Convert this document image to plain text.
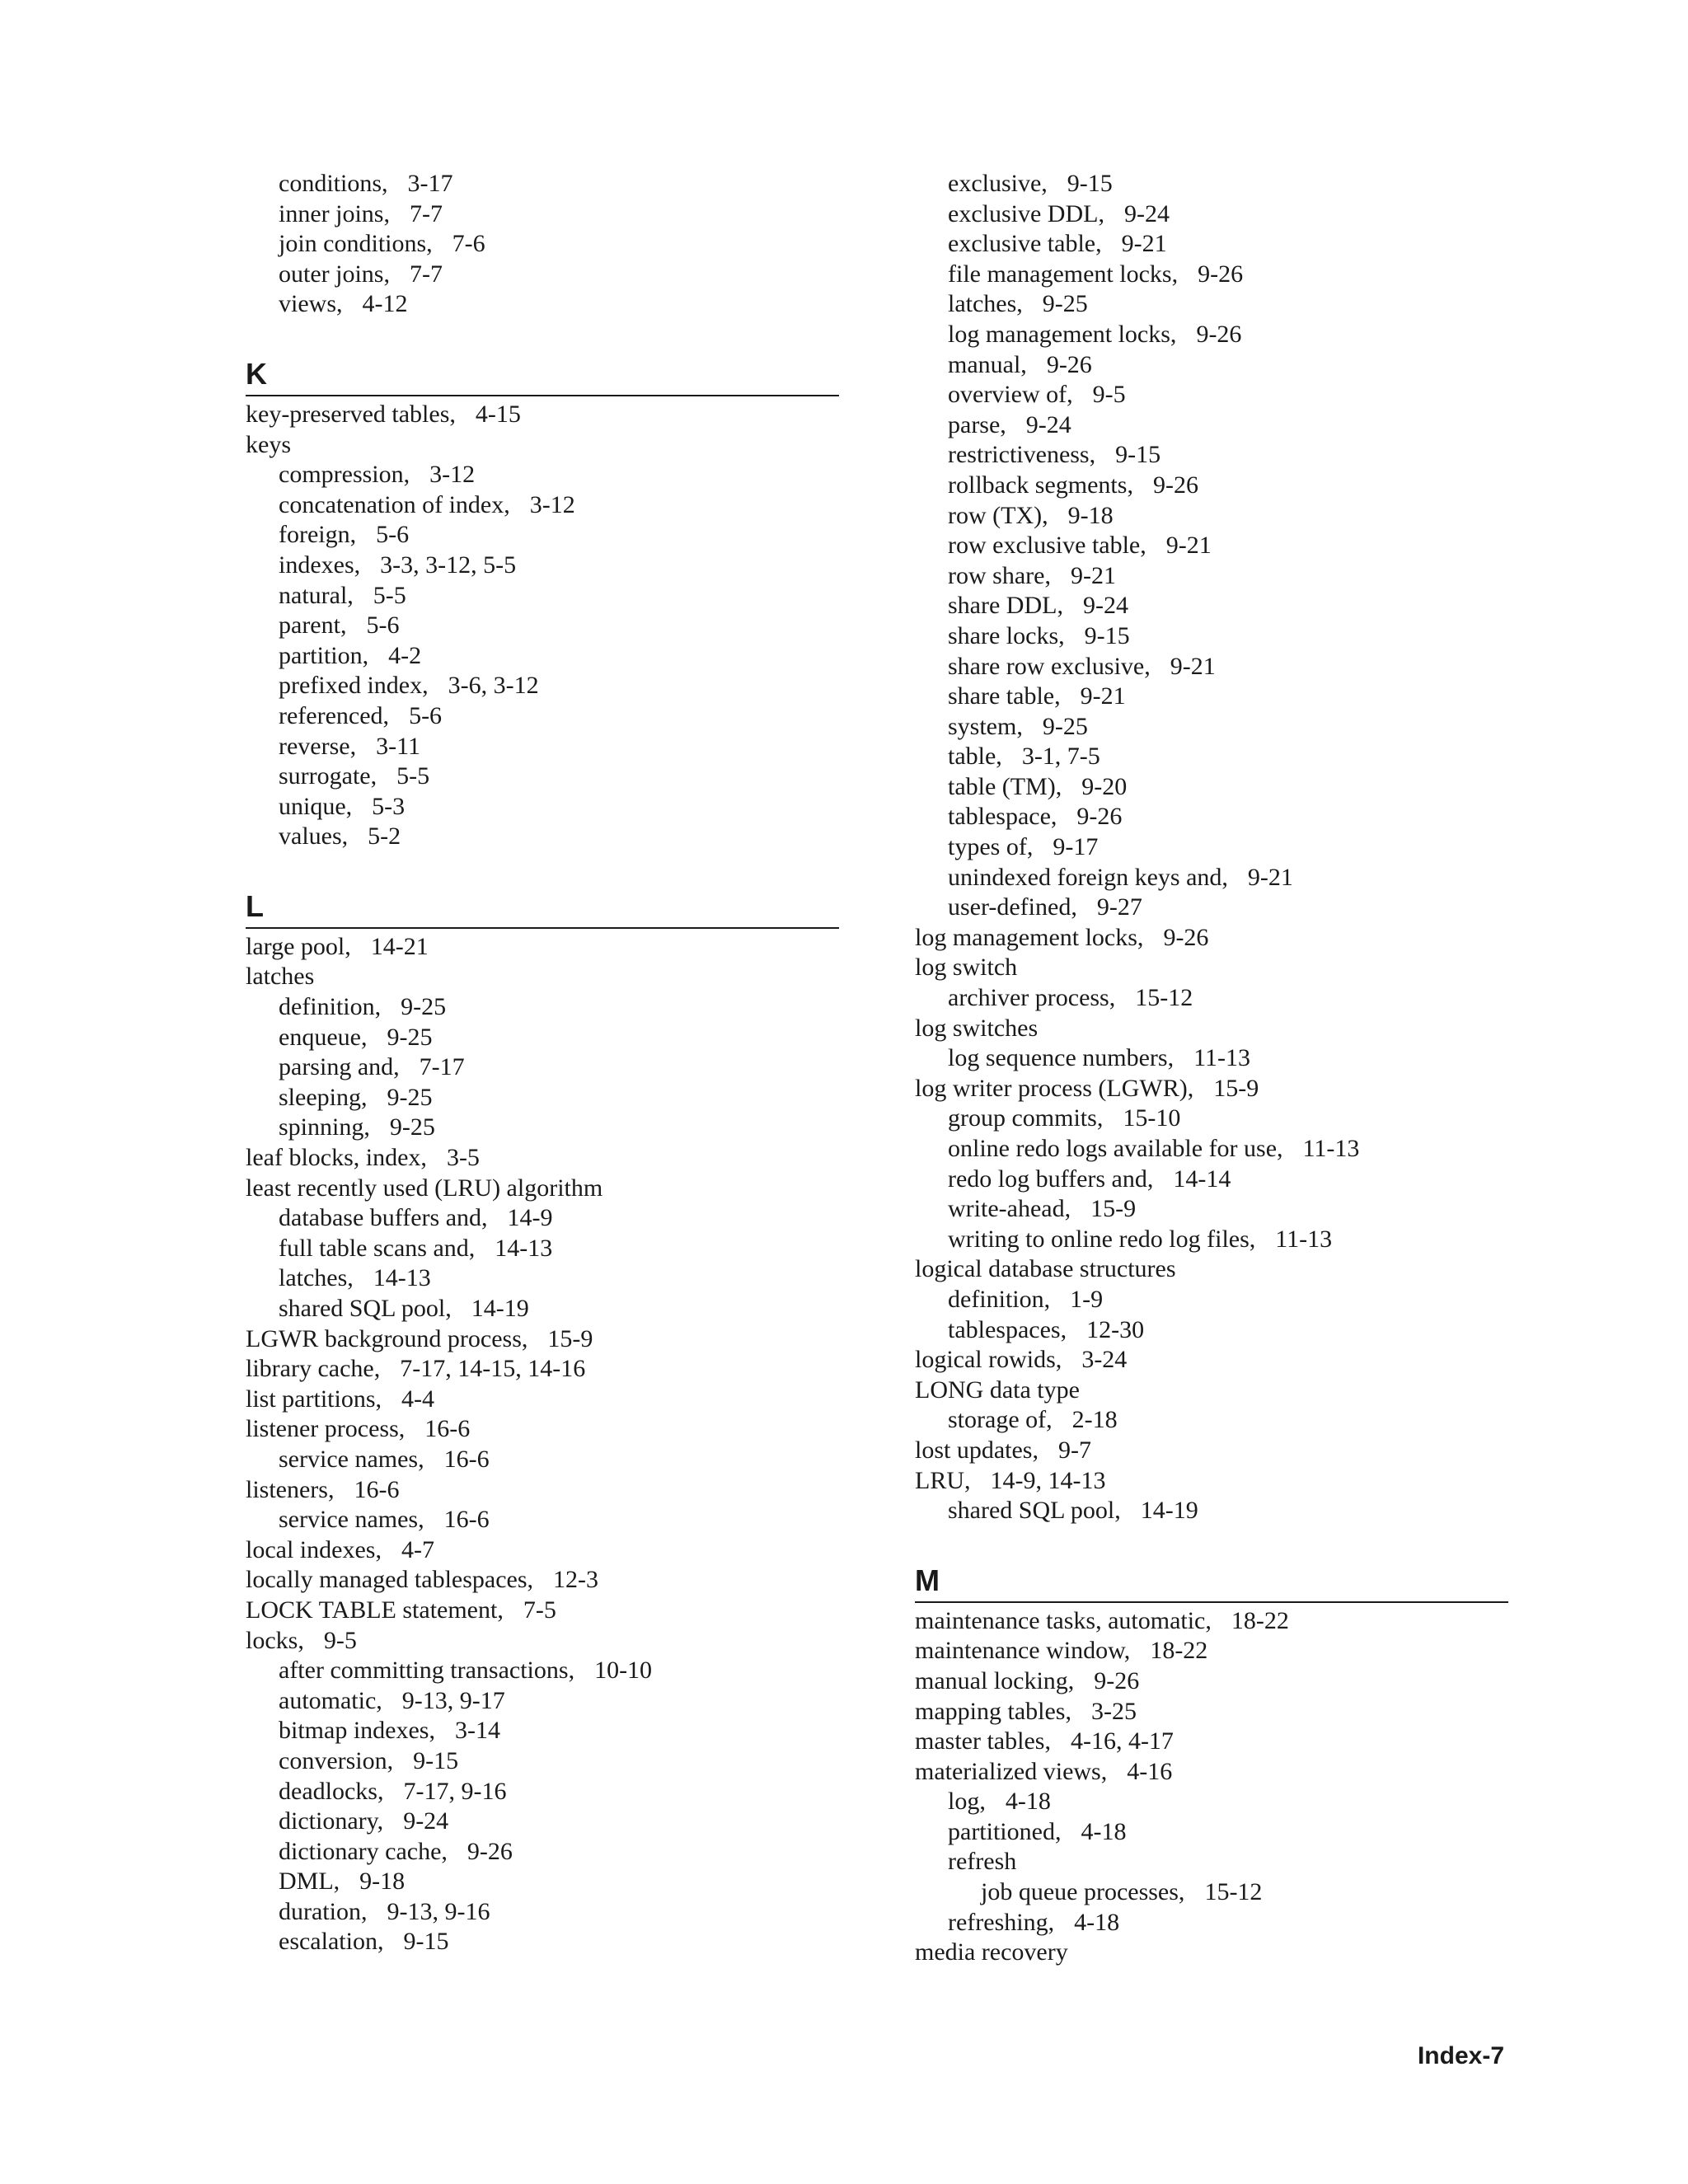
conditions, 3-17
inner joins, 7-7
join conditions, 7-6
outer joins, 7-7
views, 4-12
K
key-preserved tables, 4-15
keys
compression, 3-12
concatenation of index, 3-12
foreign, 5-6
indexes, 3-3, 3-12, 5-5
natural, 5-5
parent, 5-6
partition, 4-2
prefixed index, 3-6, 3-12
referenced, 5-6
reverse, 3-11
surrogate, 5-5
unique, 5-3
values, 5-2
L
large pool, 14-21
latches
definition, 9-25
enqueue, 9-25
parsing and, 7-17
sleeping, 9-25
spinning, 9-25
leaf blocks, index, 3-5
least recently used (LRU) algorithm
database buffers and, 14-9
full table scans and, 14-13
latches, 14-13
shared SQL pool, 14-19
LGWR background process, 15-9
library cache, 7-17, 14-15, 14-16
list partitions, 4-4
listener process, 16-6
service names, 16-6
listeners, 16-6
service names, 16-6
local indexes, 4-7
locally managed tablespaces, 12-3
LOCK TABLE statement, 7-5
locks, 9-5
after committing transactions, 10-10
automatic, 9-13, 9-17
bitmap indexes, 3-14
conversion, 9-15
deadlocks, 7-17, 9-16
dictionary, 9-24
dictionary cache, 9-26
DML, 9-18
duration, 9-13, 9-16
escalation, 9-15
exclusive, 9-15
exclusive DDL, 9-24
exclusive table, 9-21
file management locks, 9-26
latches, 9-25
log management locks, 9-26
manual, 9-26
overview of, 9-5
parse, 9-24
restrictiveness, 9-15
rollback segments, 9-26
row (TX), 9-18
row exclusive table, 9-21
row share, 9-21
share DDL, 9-24
share locks, 9-15
share row exclusive, 9-21
share table, 9-21
system, 9-25
table, 3-1, 7-5
table (TM), 9-20
tablespace, 9-26
types of, 9-17
unindexed foreign keys and, 9-21
user-defined, 9-27
log management locks, 9-26
log switch
archiver process, 15-12
log switches
log sequence numbers, 11-13
log writer process (LGWR), 15-9
group commits, 15-10
online redo logs available for use, 11-13
redo log buffers and, 14-14
write-ahead, 15-9
writing to online redo log files, 11-13
logical database structures
definition, 1-9
tablespaces, 12-30
logical rowids, 3-24
LONG data type
storage of, 2-18
lost updates, 9-7
LRU, 14-9, 14-13
shared SQL pool, 14-19
M
maintenance tasks, automatic, 18-22
maintenance window, 18-22
manual locking, 9-26
mapping tables, 3-25
master tables, 4-16, 4-17
materialized views, 4-16
log, 4-18
partitioned, 4-18
refresh
job queue processes, 15-12
refreshing, 4-18
media recovery
Index-7
